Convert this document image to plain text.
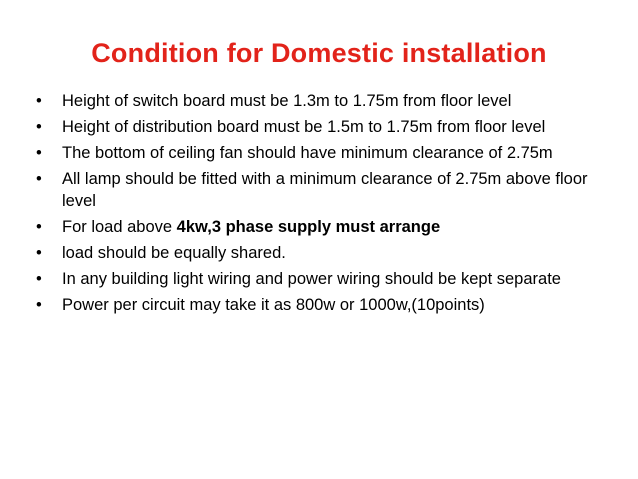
Condition for Domestic installation
• Height of switch board must be 1.3m to 1.75m from floor level
• Height of distribution board must be 1.5m to 1.75m from floor level
• The bottom of ceiling fan should have minimum clearance of 2.75m
• All lamp should be fitted with a minimum clearance of 2.75m above floor level
• For load above 4kw,3 phase supply must arrange
• load should be equally shared.
• In any building light wiring and power wiring should be kept separate
• Power per circuit may take it as 800w or 1000w,(10points)
